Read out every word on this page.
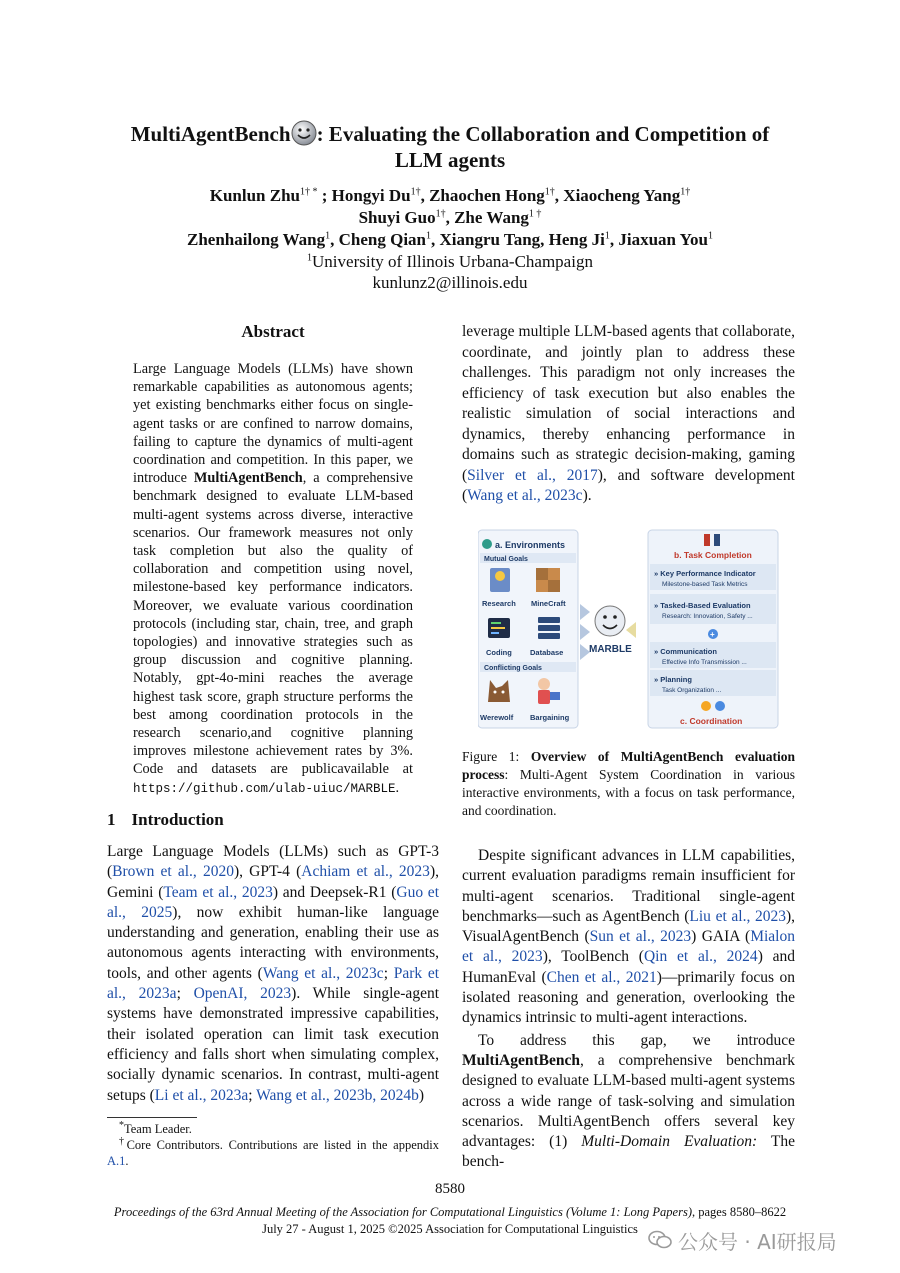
MultiAgentBench : Evaluating the Collaboration and Competition of
LLM agents
Kunlun Zhu$^{1\dagger *}$ ; Hongyi $Du^{1\dagger}$, Zhaochen Hong$^{1\dagger}$, Xiaocheng Yang$^{1\dagger}$
Shuyi Guo$^{1\dagger}$, Zhe Wang$^{1 \dagger}$
Zhenhailong Wang$^1$, Cheng Qian$^1$, Xiangru Tang, Heng Ji$^1$, Jiaxuan You$^1$
$^1$University of Illinois Urbana-Champaign
kunlunz2@illinois.edu
Abstract
Large Language Models (LLMs) have shown remarkable capabilities as autonomous agents; yet existing benchmarks either focus on single-agent tasks or are confined to narrow domains, failing to capture the dynamics of multi-agent coordination and competition. In this paper, we introduce MultiAgentBench, a comprehensive benchmark designed to evaluate LLM-based multi-agent systems across diverse, interactive scenarios. Our framework measures not only task completion but also the quality of collaboration and competition using novel, milestone-based key performance indicators. Moreover, we evaluate various coordination protocols (including star, chain, tree, and graph topologies) and innovative strategies such as group discussion and cognitive planning. Notably, gpt-4o-mini reaches the average highest task score, graph structure performs the best among coordination protocols in the research scenario,and cognitive planning improves milestone achievement rates by 3%. Code and datasets are publicavailable at https://github.com/ulab-uiuc/MARBLE.
1 Introduction
Large Language Models (LLMs) such as GPT-3 (Brown et al., 2020), GPT-4 (Achiam et al., 2023), Gemini (Team et al., 2023) and Deepsek-R1 (Guo et al., 2025), now exhibit human-like language understanding and generation, enabling their use as autonomous agents interacting with environments, tools, and other agents (Wang et al., 2023c; Park et al., 2023a; OpenAI, 2023). While single-agent systems have demonstrated impressive capabilities, their isolated operation can limit task execution efficiency and falls short when simulating complex, socially dynamic scenarios. In contrast, multi-agent setups (Li et al., 2023a; Wang et al., 2023b, 2024b)

*Team Leader.

†Core Contributors. Contributions are listed in the appendix A.1.

leverage multiple LLM-based agents that collaborate, coordinate, and jointly plan to address these challenges. This paradigm not only increases the efficiency of task execution but also enables the realistic simulation of social interactions and dynamics, thereby enhancing performance in domains such as strategic decision-making, gaming (Silver et al., 2017), and software development (Wang et al., 2023c).
a. Environments
Mutual Goals
Research MineCraft
Coding Database
Conflicting Goals
Werewolf Bargaining
MARBLE
b. Task Completion
» Key Performance Indicator
Milestone-based Task Metrics
» Tasked-Based Evaluation
Research: Innovation, Safety ...
+
» Communication
Effective Info Transmission ...
» Planning
Task Organization ...
c. Coordination
Figure 1: Overview of MultiAgentBench evaluation process: Multi-Agent System Coordination in various interactive environments, with a focus on task performance, and coordination.

Despite significant advances in LLM capabilities, current evaluation paradigms remain insufficient for multi-agent scenarios. Traditional single-agent benchmarks—such as AgentBench (Liu et al., 2023), VisualAgentBench (Sun et al., 2023) GAIA (Mialon et al., 2023), ToolBench (Qin et al., 2024) and HumanEval (Chen et al., 2021)—primarily focus on isolated reasoning and generation, overlooking the dynamics intrinsic to multi-agent interactions.

To address this gap, we introduce MultiAgentBench, a comprehensive benchmark designed to evaluate LLM-based multi-agent systems across a wide range of task-solving and simulation scenarios. MultiAgentBench offers several key advantages: (1) Multi-Domain Evaluation: The bench-

8580
Proceedings of the 63rd Annual Meeting of the Association for Computational Linguistics (Volume 1: Long Papers), pages 8580–8622
July 27 - August 1, 2025 ©2025 Association for Computational Linguistics
公众号 · AI研报局
